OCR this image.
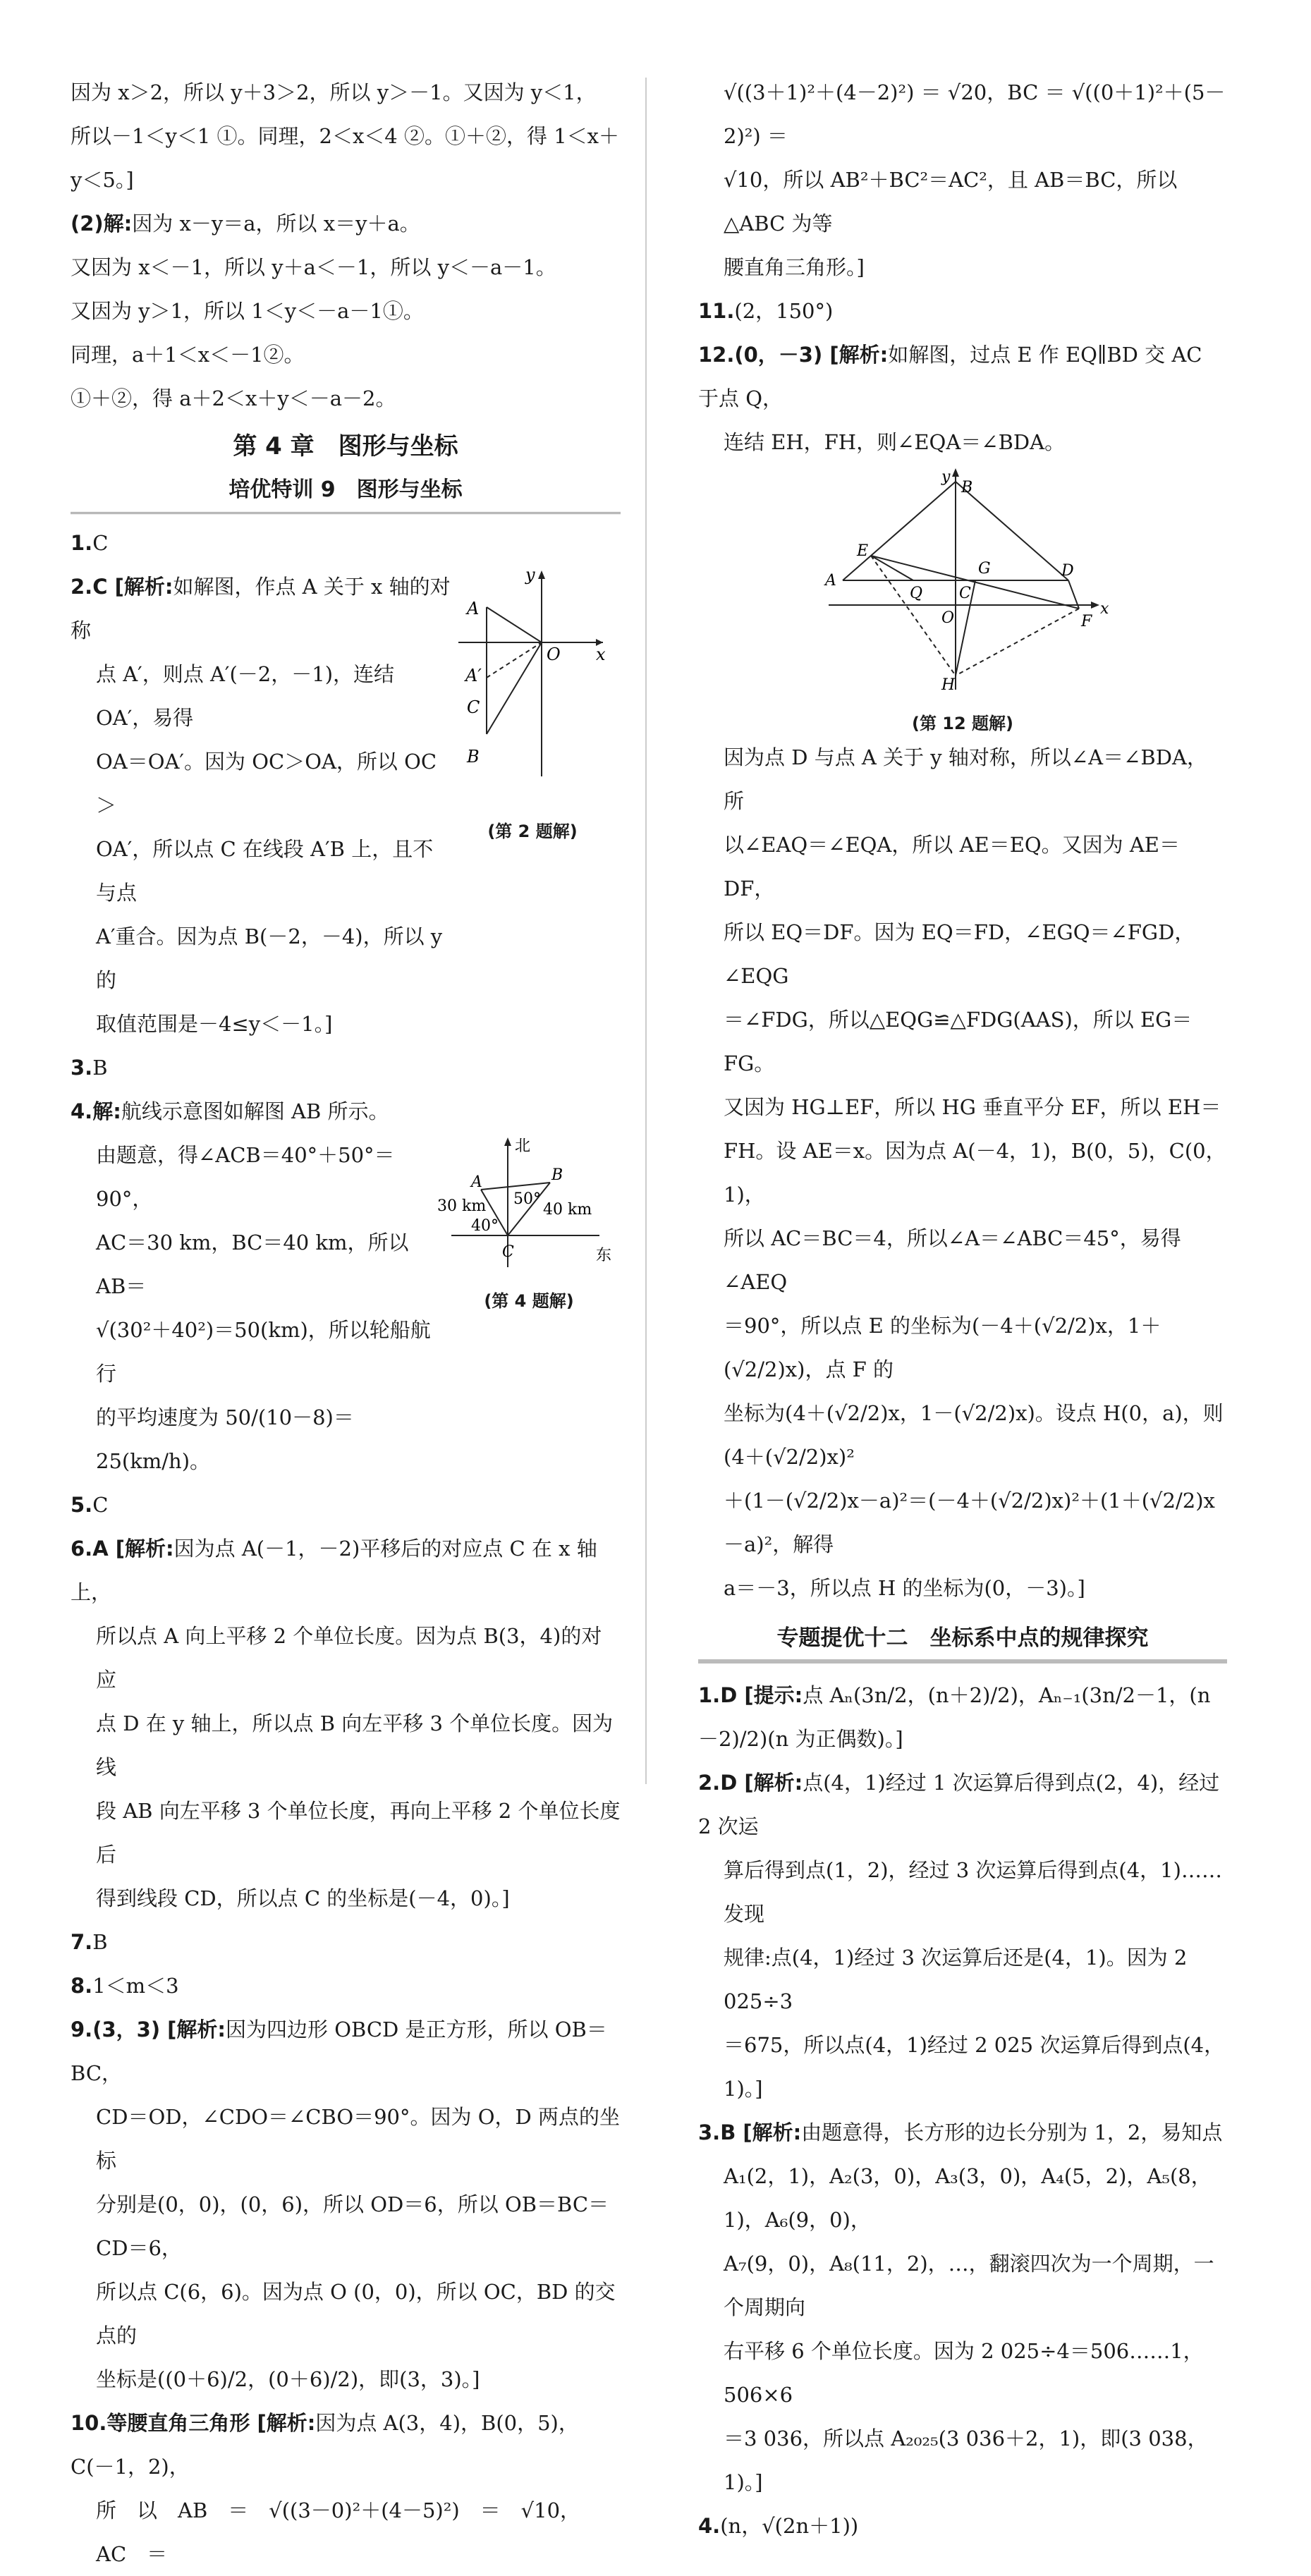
因为 x＞2，所以 y＋3＞2，所以 y＞－1。又因为 y＜1，

所以－1＜y＜1 ①。同理，2＜x＜4 ②。①＋②，得 1＜x＋

y＜5。]

(2)解:因为 x－y＝a，所以 x＝y＋a。

又因为 x＜－1，所以 y＋a＜－1，所以 y＜－a－1。

又因为 y＞1，所以 1＜y＜－a－1①。

同理，a＋1＜x＜－1②。

①＋②，得 a＋2＜x＋y＜－a－2。

第 4 章　图形与坐标
培优特训 9　图形与坐标

1.C

2.C [解析:如解图，作点 A 关于 x 轴的对称

点 A′，则点 A′(－2，－1)，连结 OA′，易得

OA＝OA′。因为 OC＞OA，所以 OC＞

OA′，所以点 C 在线段 A′B 上，且不与点

A′重合。因为点 B(－2，－4)，所以 y 的

取值范围是－4≤y＜－1。]

y
A
O x
A′
C
B
(第 2 题解)

3.B

4.解:航线示意图如解图 AB 所示。

由题意，得∠ACB＝40°＋50°＝90°，

AC＝30 km，BC＝40 km，所以 AB＝

√(30²＋40²)＝50(km)，所以轮船航行

的平均速度为 50/(10－8)＝25(km/h)。

北
东
A	B
C
30 km	40 km
40°
50°
(第 4 题解)

5.C

6.A [解析:因为点 A(－1，－2)平移后的对应点 C 在 x 轴上，

所以点 A 向上平移 2 个单位长度。因为点 B(3，4)的对应

点 D 在 y 轴上，所以点 B 向左平移 3 个单位长度。因为线

段 AB 向左平移 3 个单位长度，再向上平移 2 个单位长度后

得到线段 CD，所以点 C 的坐标是(－4，0)。]

7.B

8.1＜m＜3

9.(3，3) [解析:因为四边形 OBCD 是正方形，所以 OB＝BC，

CD＝OD，∠CDO＝∠CBO＝90°。因为 O，D 两点的坐标

分别是(0，0)，(0，6)，所以 OD＝6，所以 OB＝BC＝CD＝6，

所以点 C(6，6)。因为点 O (0，0)，所以 OC，BD 的交点的

坐标是((0＋6)/2，(0＋6)/2)，即(3，3)。]

10.等腰直角三角形 [解析:因为点 A(3，4)，B(0，5)，C(－1，2)，

所　以　AB　＝　√((3－0)²＋(4－5)²)　＝　√10，　AC　＝

√((3＋1)²＋(4－2)²) ＝ √20，BC ＝ √((0＋1)²＋(5－2)²) ＝

√10，所以 AB²＋BC²＝AC²，且 AB＝BC，所以△ABC 为等

腰直角三角形。]

11.(2，150°)

12.(0，－3) [解析:如解图，过点 E 作 EQ∥BD 交 AC 于点 Q，

连结 EH，FH，则∠EQA＝∠BDA。

y
B
E
A
G	D
Q C
O	F
x
H
(第 12 题解)

因为点 D 与点 A 关于 y 轴对称，所以∠A＝∠BDA，所

以∠EAQ＝∠EQA，所以 AE＝EQ。又因为 AE＝DF，

所以 EQ＝DF。因为 EQ＝FD，∠EGQ＝∠FGD，∠EQG

＝∠FDG，所以△EQG≌△FDG(AAS)，所以 EG＝FG。

又因为 HG⊥EF，所以 HG 垂直平分 EF，所以 EH＝

FH。设 AE＝x。因为点 A(－4，1)，B(0，5)，C(0，1)，

所以 AC＝BC＝4，所以∠A＝∠ABC＝45°，易得∠AEQ

＝90°，所以点 E 的坐标为(－4＋(√2/2)x，1＋(√2/2)x)，点 F 的

坐标为(4＋(√2/2)x，1－(√2/2)x)。设点 H(0，a)，则(4＋(√2/2)x)²

＋(1－(√2/2)x－a)²＝(－4＋(√2/2)x)²＋(1＋(√2/2)x－a)²，解得

a＝－3，所以点 H 的坐标为(0，－3)。]

专题提优十二　坐标系中点的规律探究

1.D [提示:点 Aₙ(3n/2，(n＋2)/2)，Aₙ₋₁(3n/2－1，(n－2)/2)(n 为正偶数)。]

2.D [解析:点(4，1)经过 1 次运算后得到点(2，4)，经过 2 次运

算后得到点(1，2)，经过 3 次运算后得到点(4，1)……发现

规律:点(4，1)经过 3 次运算后还是(4，1)。因为 2 025÷3

＝675，所以点(4，1)经过 2 025 次运算后得到点(4，1)。]

3.B [解析:由题意得，长方形的边长分别为 1，2，易知点

A₁(2，1)，A₂(3，0)，A₃(3，0)，A₄(5，2)，A₅(8，1)，A₆(9，0)，

A₇(9，0)，A₈(11，2)，…，翻滚四次为一个周期，一个周期向

右平移 6 个单位长度。因为 2 025÷4＝506……1，506×6

＝3 036，所以点 A₂₀₂₅(3 036＋2，1)，即(3 038，1)。]

4.(n，√(2n＋1))
